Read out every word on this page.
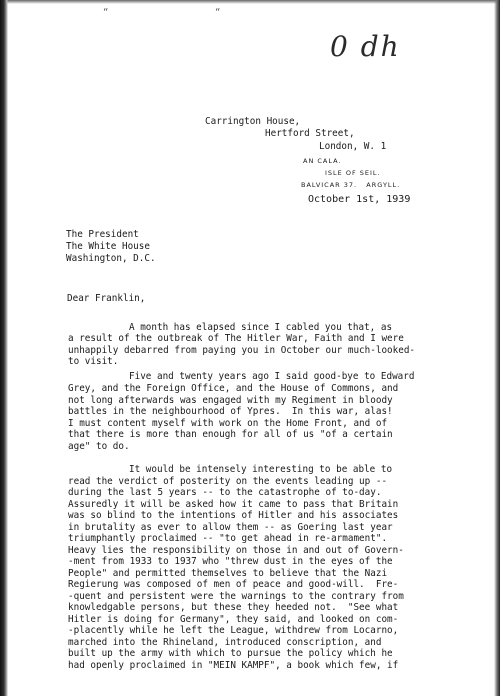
“	“
0 dh
Carrington House,
Hertford Street,
London, W. 1
AN CALA.
ISLE OF SEIL.
BALVICAR 37.   ARGYLL.
October 1st, 1939
The President
The White House
Washington, D.C.
Dear Franklin,
A month has elapsed since I cabled you that, as
a result of the outbreak of The Hitler War, Faith and I were
unhappily debarred from paying you in October our much-looked-
to visit.
Five and twenty years ago I said good-bye to Edward
Grey, and the Foreign Office, and the House of Commons, and
not long afterwards was engaged with my Regiment in bloody
battles in the neighbourhood of Ypres.  In this war, alas!
I must content myself with work on the Home Front, and of
that there is more than enough for all of us "of a certain
age" to do.
It would be intensely interesting to be able to
read the verdict of posterity on the events leading up --
during the last 5 years -- to the catastrophe of to-day.
Assuredly it will be asked how it came to pass that Britain
was so blind to the intentions of Hitler and his associates
in brutality as ever to allow them -- as Goering last year
triumphantly proclaimed -- "to get ahead in re-armament".
Heavy lies the responsibility on those in and out of Govern-
-ment from 1933 to 1937 who "threw dust in the eyes of the
People" and permitted themselves to believe that the Nazi
Regierung was composed of men of peace and good-will.  Fre-
-quent and persistent were the warnings to the contrary from
knowledgable persons, but these they heeded not.  "See what
Hitler is doing for Germany", they said, and looked on com-
-placently while he left the League, withdrew from Locarno,
marched into the Rhineland, introduced conscription, and
built up the army with which to pursue the policy which he
had openly proclaimed in "MEIN KAMPF", a book which few, if
